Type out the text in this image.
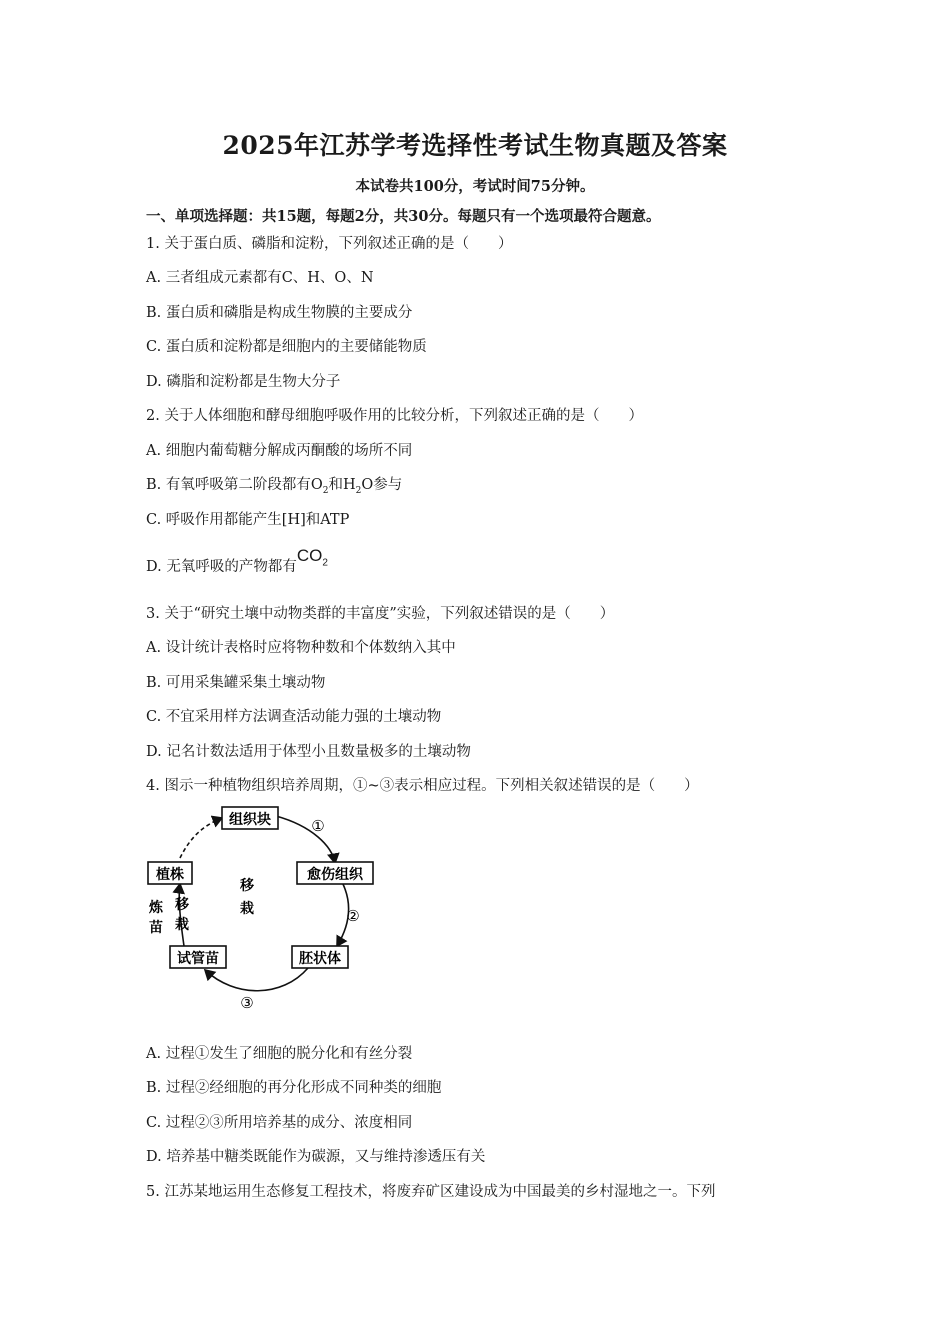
2025年江苏学考选择性考试生物真题及答案
本试卷共100分，考试时间75分钟。
一、单项选择题：共15题，每题2分，共30分。每题只有一个选项最符合题意。
1. 关于蛋白质、磷脂和淀粉，下列叙述正确的是（　　）
A. 三者组成元素都有C、H、O、N
B. 蛋白质和磷脂是构成生物膜的主要成分
C. 蛋白质和淀粉都是细胞内的主要储能物质
D. 磷脂和淀粉都是生物大分子
2. 关于人体细胞和酵母细胞呼吸作用的比较分析，下列叙述正确的是（　　）
A. 细胞内葡萄糖分解成丙酮酸的场所不同
B. 有氧呼吸第二阶段都有$O_2$和$H_2O$参与
C. 呼吸作用都能产生[H]和ATP
D. 无氧呼吸的产物都有$CO_2$
3. 关于“研究土壤中动物类群的丰富度”实验，下列叙述错误的是（　　）
A. 设计统计表格时应将物种数和个体数纳入其中
B. 可用采集罐采集土壤动物
C. 不宜采用样方法调查活动能力强的土壤动物
D. 记名计数法适用于体型小且数量极多的土壤动物
4. 图示一种植物组织培养周期，①~③表示相应过程。下列相关叙述错误的是（　　）
组织块
愈伤组织
胚状体
试管苗
植株
移
栽
炼
苗
移
栽
①
②
③
A. 过程①发生了细胞的脱分化和有丝分裂
B. 过程②经细胞的再分化形成不同种类的细胞
C. 过程②③所用培养基的成分、浓度相同
D. 培养基中糖类既能作为碳源，又与维持渗透压有关
5. 江苏某地运用生态修复工程技术，将废弃矿区建设成为中国最美的乡村湿地之一。下列
